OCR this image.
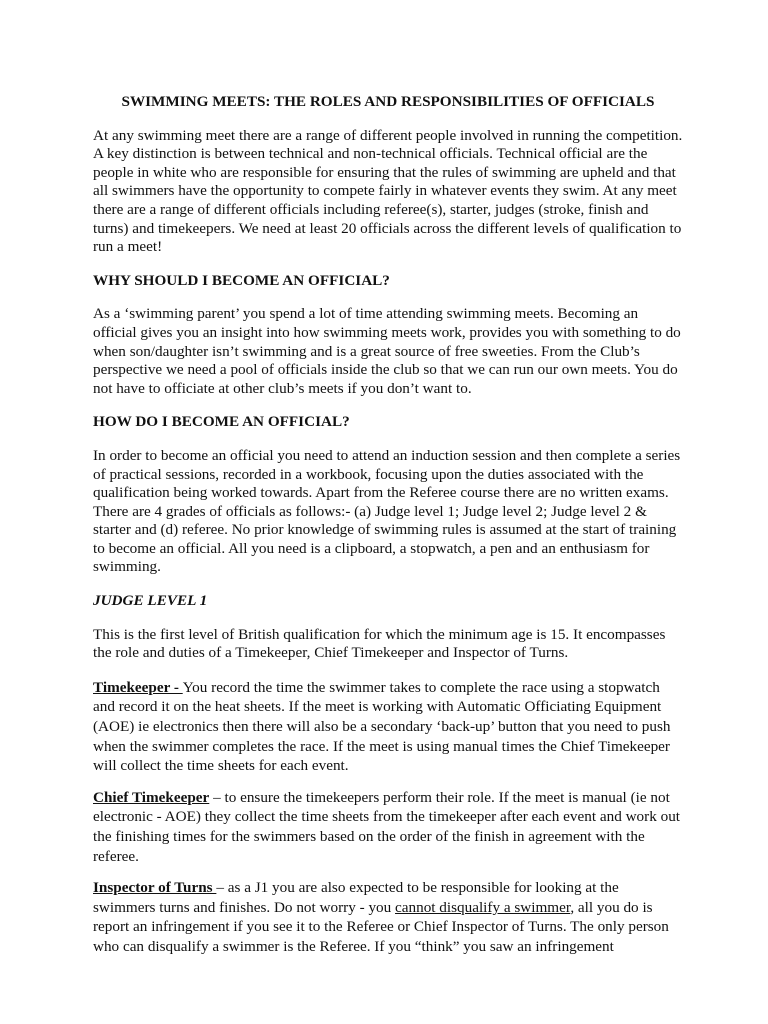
SWIMMING MEETS: THE ROLES AND RESPONSIBILITIES OF OFFICIALS

At any swimming meet there are a range of different people involved in running the competition. A key distinction is between technical and non-technical officials. Technical official are the people in white who are responsible for ensuring that the rules of swimming are upheld and that all swimmers have the opportunity to compete fairly in whatever events they swim. At any meet there are a range of different officials including referee(s), starter, judges (stroke, finish and turns) and timekeepers. We need at least 20 officials across the different levels of qualification to run a meet!

WHY SHOULD I BECOME AN OFFICIAL?

As a ‘swimming parent’ you spend a lot of time attending swimming meets. Becoming an official gives you an insight into how swimming meets work, provides you with something to do when son/daughter isn’t swimming and is a great source of free sweeties. From the Club’s perspective we need a pool of officials inside the club so that we can run our own meets. You do not have to officiate at other club’s meets if you don’t want to.

HOW DO I BECOME AN OFFICIAL?

In order to become an official you need to attend an induction session and then complete a series of practical sessions, recorded in a workbook, focusing upon the duties associated with the qualification being worked towards. Apart from the Referee course there are no written exams. There are 4 grades of officials as follows:- (a) Judge level 1; Judge level 2; Judge level 2 & starter and (d) referee. No prior knowledge of swimming rules is assumed at the start of training to become an official. All you need is a clipboard, a stopwatch, a pen and an enthusiasm for swimming.

JUDGE LEVEL 1

This is the first level of British qualification for which the minimum age is 15. It encompasses the role and duties of a Timekeeper, Chief Timekeeper and Inspector of Turns.

Timekeeper - You record the time the swimmer takes to complete the race using a stopwatch and record it on the heat sheets. If the meet is working with Automatic Officiating Equipment (AOE) ie electronics then there will also be a secondary ‘back-up’ button that you need to push when the swimmer completes the race. If the meet is using manual times the Chief Timekeeper will collect the time sheets for each event.

Chief Timekeeper – to ensure the timekeepers perform their role. If the meet is manual (ie not electronic - AOE) they collect the time sheets from the timekeeper after each event and work out the finishing times for the swimmers based on the order of the finish in agreement with the referee.

Inspector of Turns – as a J1 you are also expected to be responsible for looking at the swimmers turns and finishes. Do not worry - you cannot disqualify a swimmer, all you do is report an infringement if you see it to the Referee or Chief Inspector of Turns. The only person who can disqualify a swimmer is the Referee. If you “think” you saw an infringement
